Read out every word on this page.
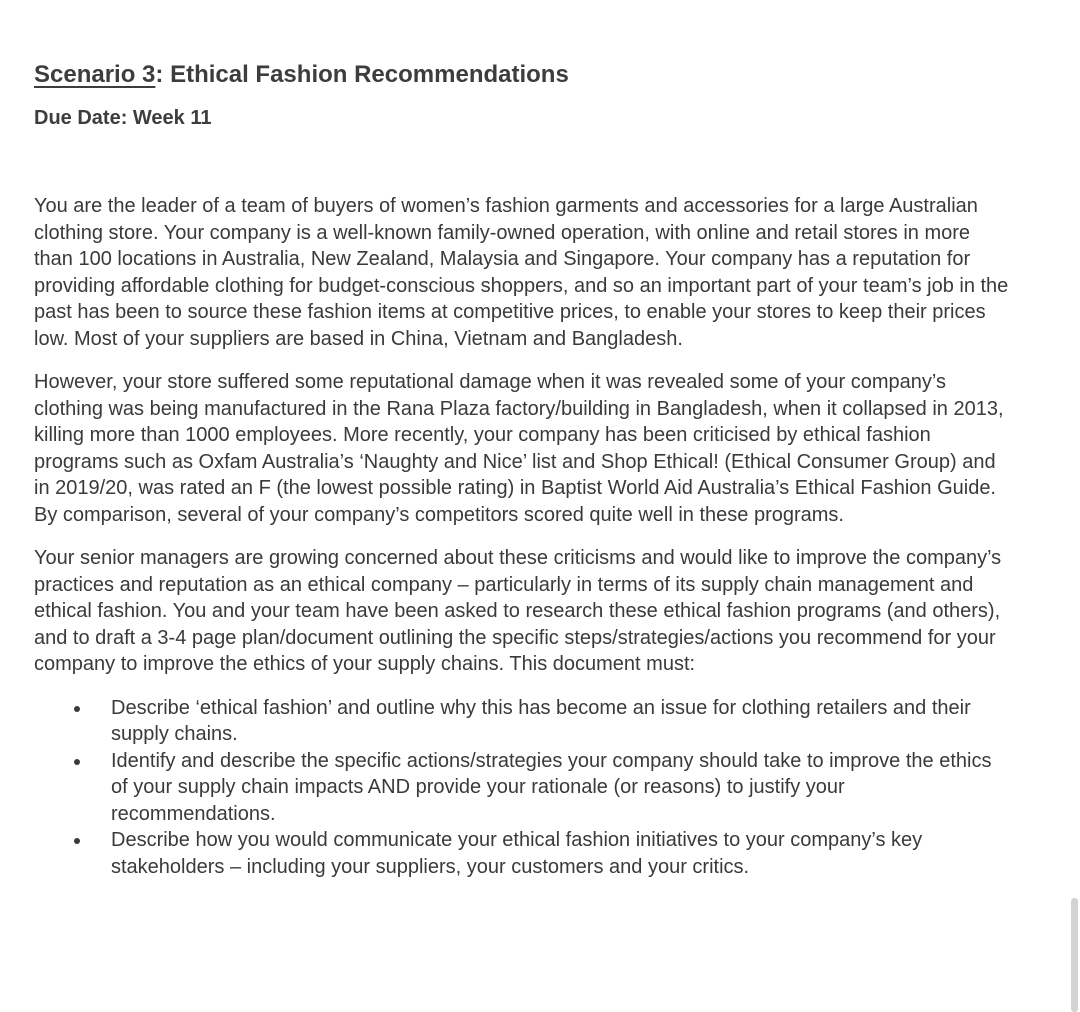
Scenario 3: Ethical Fashion Recommendations

Due Date: Week 11

You are the leader of a team of buyers of women’s fashion garments and accessories for a large Australian clothing store. Your company is a well-known family-owned operation, with online and retail stores in more than 100 locations in Australia, New Zealand, Malaysia and Singapore. Your company has a reputation for providing affordable clothing for budget-conscious shoppers, and so an important part of your team’s job in the past has been to source these fashion items at competitive prices, to enable your stores to keep their prices low. Most of your suppliers are based in China, Vietnam and Bangladesh.

However, your store suffered some reputational damage when it was revealed some of your company’s clothing was being manufactured in the Rana Plaza factory/building in Bangladesh, when it collapsed in 2013, killing more than 1000 employees. More recently, your company has been criticised by ethical fashion programs such as Oxfam Australia’s ‘Naughty and Nice’ list and Shop Ethical! (Ethical Consumer Group) and in 2019/20, was rated an F (the lowest possible rating) in Baptist World Aid Australia’s Ethical Fashion Guide. By comparison, several of your company’s competitors scored quite well in these programs.

Your senior managers are growing concerned about these criticisms and would like to improve the company’s practices and reputation as an ethical company – particularly in terms of its supply chain management and ethical fashion. You and your team have been asked to research these ethical fashion programs (and others), and to draft a 3-4 page plan/document outlining the specific steps/strategies/actions you recommend for your company to improve the ethics of your supply chains. This document must:

Describe ‘ethical fashion’ and outline why this has become an issue for clothing retailers and their supply chains.
Identify and describe the specific actions/strategies your company should take to improve the ethics of your supply chain impacts AND provide your rationale (or reasons) to justify your recommendations.
Describe how you would communicate your ethical fashion initiatives to your company’s key stakeholders – including your suppliers, your customers and your critics.
